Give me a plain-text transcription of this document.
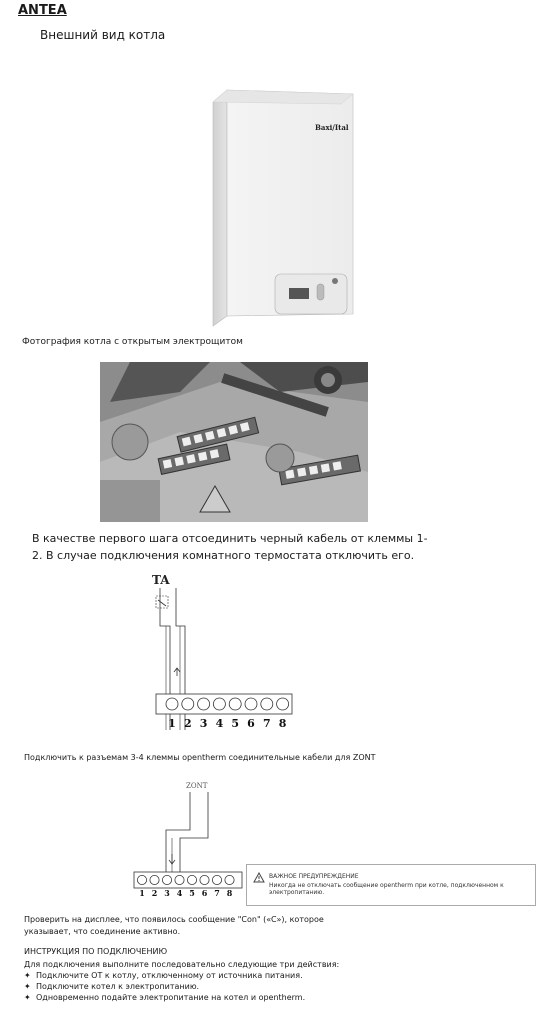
ANTEA
Внешний вид котла
Baxi/Ital
Фотография котла с открытым электрощитом
В качестве первого шага отсоединить черный кабель от клеммы 1-2. В случае подключения комнатного термостата отключить его.
TA
1 2 3 4 5 6 7 8
Подключить к разъемам 3-4 клеммы opentherm соединительные кабели для ZONT
ZONT
1 2 3 4 5 6 7 8
ВАЖНОЕ ПРЕДУПРЕЖДЕНИЕ
Никогда не отключать сообщение opentherm при котле, подключенном к электропитанию.
Проверить на дисплее, что появилось сообщение "Con" («C»), которое указывает, что соединение активно.
ИНСТРУКЦИЯ ПО ПОДКЛЮЧЕНИЮ
Для подключения выполните последовательно следующие три действия:
✦ Подключите ОТ к котлу, отключенному от источника питания.
✦ Подключите котел к электропитанию.
✦ Одновременно подайте электропитание на котел и opentherm.
